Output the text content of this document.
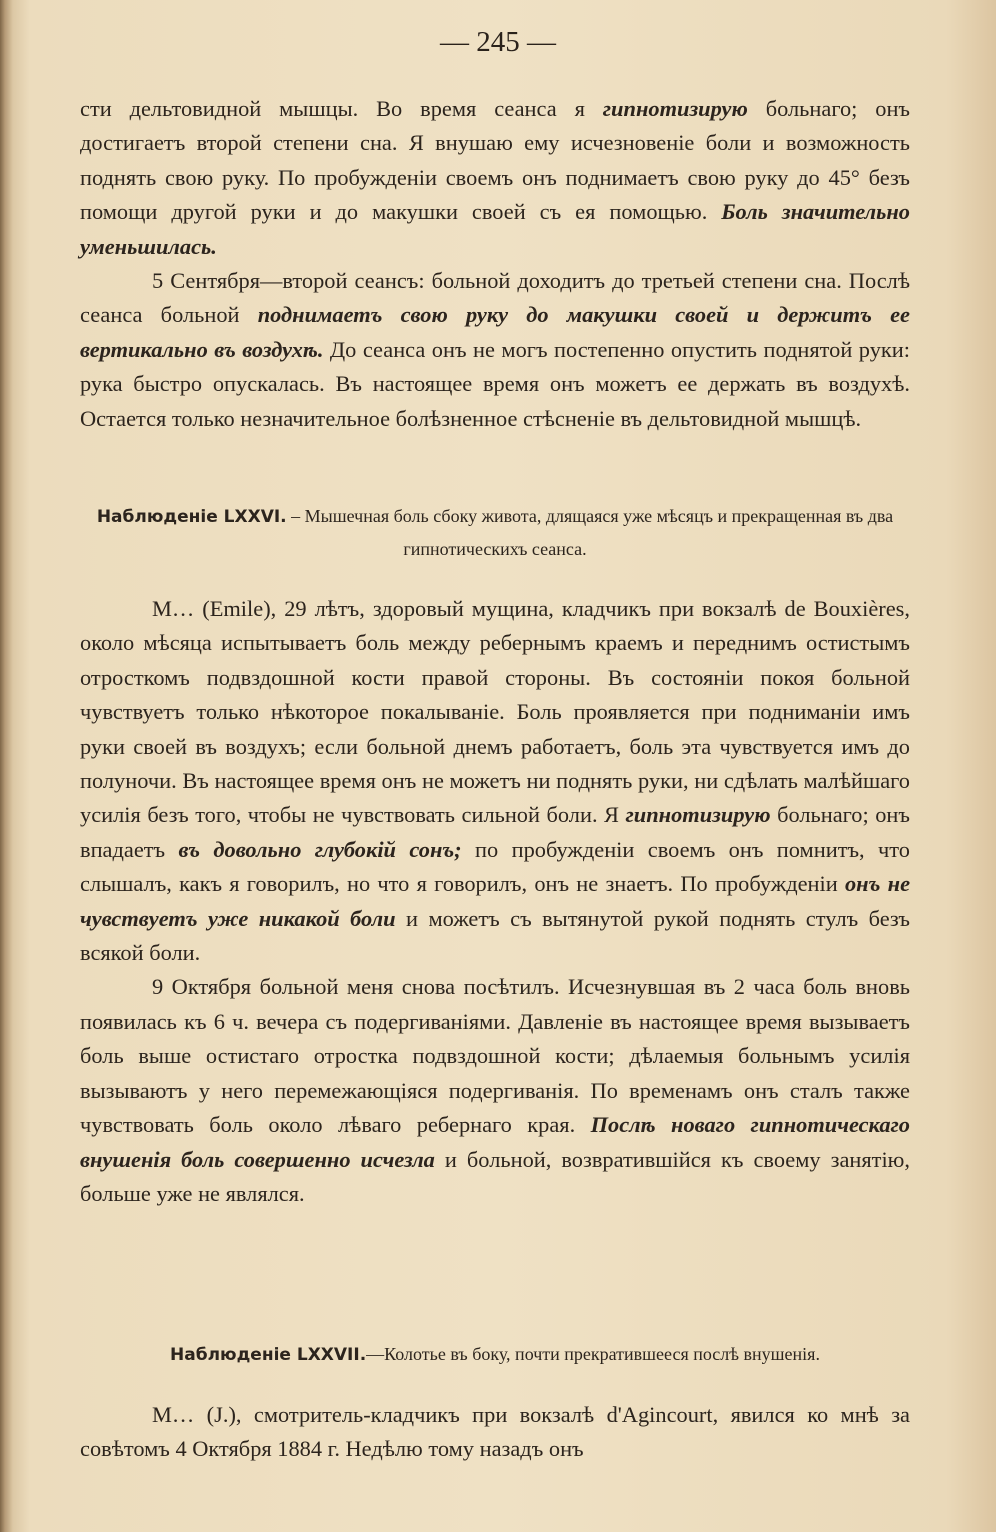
— 245 —

сти дельтовидной мышцы. Во время сеанса я гипнотизирую больнаго; онъ достигаетъ второй степени сна. Я внушаю ему исчезновеніе боли и возможность поднять свою руку. По пробужденіи своемъ онъ поднимаетъ свою руку до 45° безъ помощи другой руки и до макушки своей съ ея помощью. Боль значительно уменьшилась.

5 Сентября—второй сеансъ: больной доходитъ до третьей степени сна. Послѣ сеанса больной поднимаетъ свою руку до макушки своей и держитъ ее вертикально въ воздухѣ. До сеанса онъ не могъ постепенно опустить поднятой руки: рука быстро опускалась. Въ настоящее время онъ можетъ ее держать въ воздухѣ. Остается только незначительное болѣзненное стѣсненіе въ дельтовидной мышцѣ.

Наблюденіе LXXVI. – Мышечная боль сбоку живота, длящаяся уже мѣсяцъ и прекращенная въ два гипнотическихъ сеанса.

М… (Emile), 29 лѣтъ, здоровый мущина, кладчикъ при вокзалѣ de Bouxières, около мѣсяца испытываетъ боль между ребернымъ краемъ и переднимъ остистымъ отросткомъ подвздошной кости правой стороны. Въ состояніи покоя больной чувствуетъ только нѣкоторое покалываніе. Боль проявляется при подниманіи имъ руки своей въ воздухъ; если больной днемъ работаетъ, боль эта чувствуется имъ до полуночи. Въ настоящее время онъ не можетъ ни поднять руки, ни сдѣлать малѣйшаго усилія безъ того, чтобы не чувствовать сильной боли. Я гипнотизирую больнаго; онъ впадаетъ въ довольно глубокій сонъ; по пробужденіи своемъ онъ помнитъ, что слышалъ, какъ я говорилъ, но что я говорилъ, онъ не знаетъ. По пробужденіи онъ не чувствуетъ уже никакой боли и можетъ съ вытянутой рукой поднять стулъ безъ всякой боли.

9 Октября больной меня снова посѣтилъ. Исчезнувшая въ 2 часа боль вновь появилась къ 6 ч. вечера съ подергиваніями. Давленіе въ настоящее время вызываетъ боль выше остистаго отростка подвздошной кости; дѣлаемыя больнымъ усилія вызываютъ у него перемежающіяся подергиванія. По временамъ онъ сталъ также чувствовать боль около лѣваго ребернаго края. Послѣ новаго гипнотическаго внушенія боль совершенно исчезла и больной, возвратившійся къ своему занятію, больше уже не являлся.

Наблюденіе LXXVII.—Колотье въ боку, почти прекратившееся послѣ внушенія.

М… (J.), смотритель-кладчикъ при вокзалѣ d'Agincourt, явился ко мнѣ за совѣтомъ 4 Октября 1884 г. Недѣлю тому назадъ онъ
